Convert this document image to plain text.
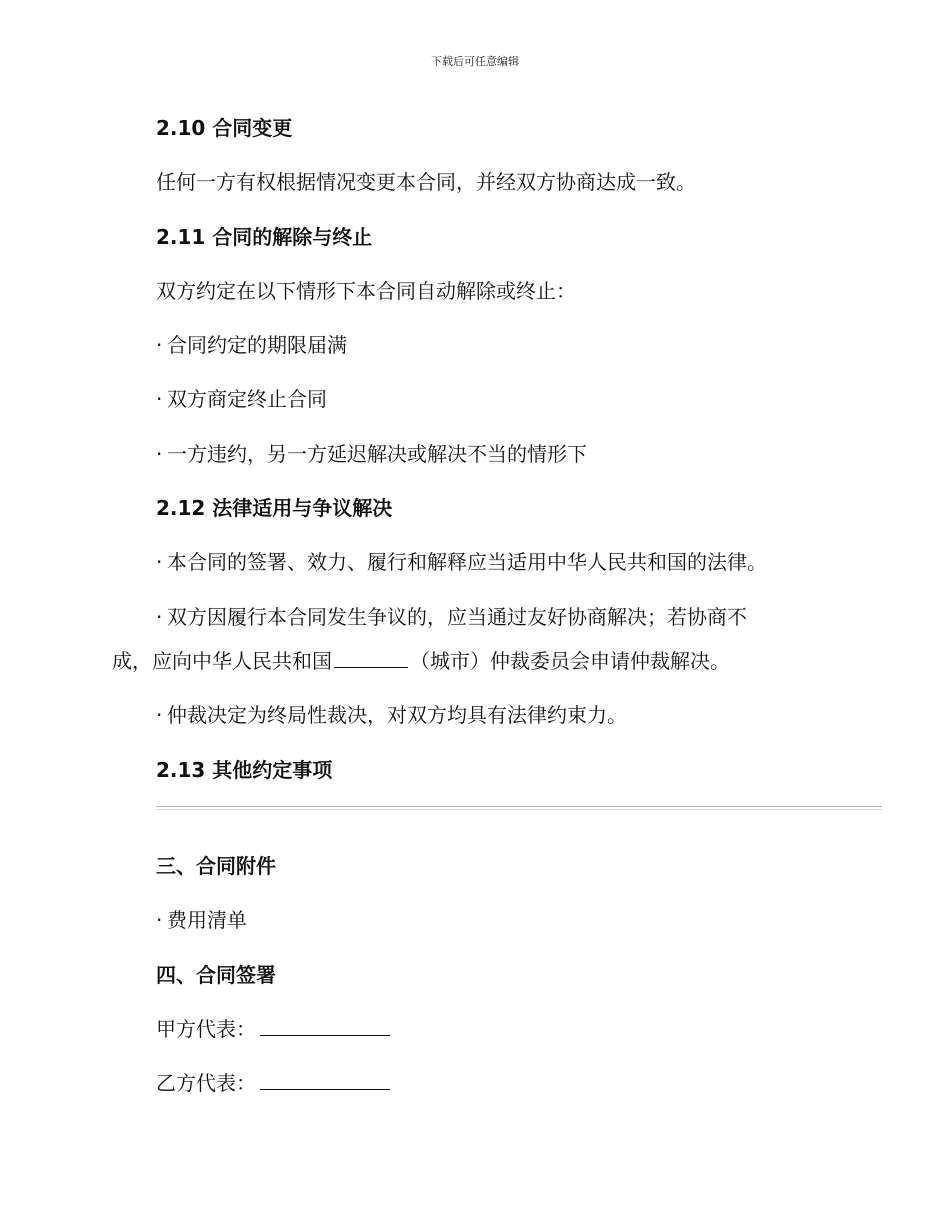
下载后可任意编辑
2.10 合同变更
任何一方有权根据情况变更本合同，并经双方协商达成一致。
2.11 合同的解除与终止
双方约定在以下情形下本合同自动解除或终止：
· 合同约定的期限届满
· 双方商定终止合同
· 一方违约，另一方延迟解决或解决不当的情形下
2.12 法律适用与争议解决
· 本合同的签署、效力、履行和解释应当适用中华人民共和国的法律。
· 双方因履行本合同发生争议的，应当通过友好协商解决；若协商不
成，应向中华人民共和国	（城市）仲裁委员会申请仲裁解决。
· 仲裁决定为终局性裁决，对双方均具有法律约束力。
2.13 其他约定事项
三、合同附件
· 费用清单
四、合同签署
甲方代表：
乙方代表：
